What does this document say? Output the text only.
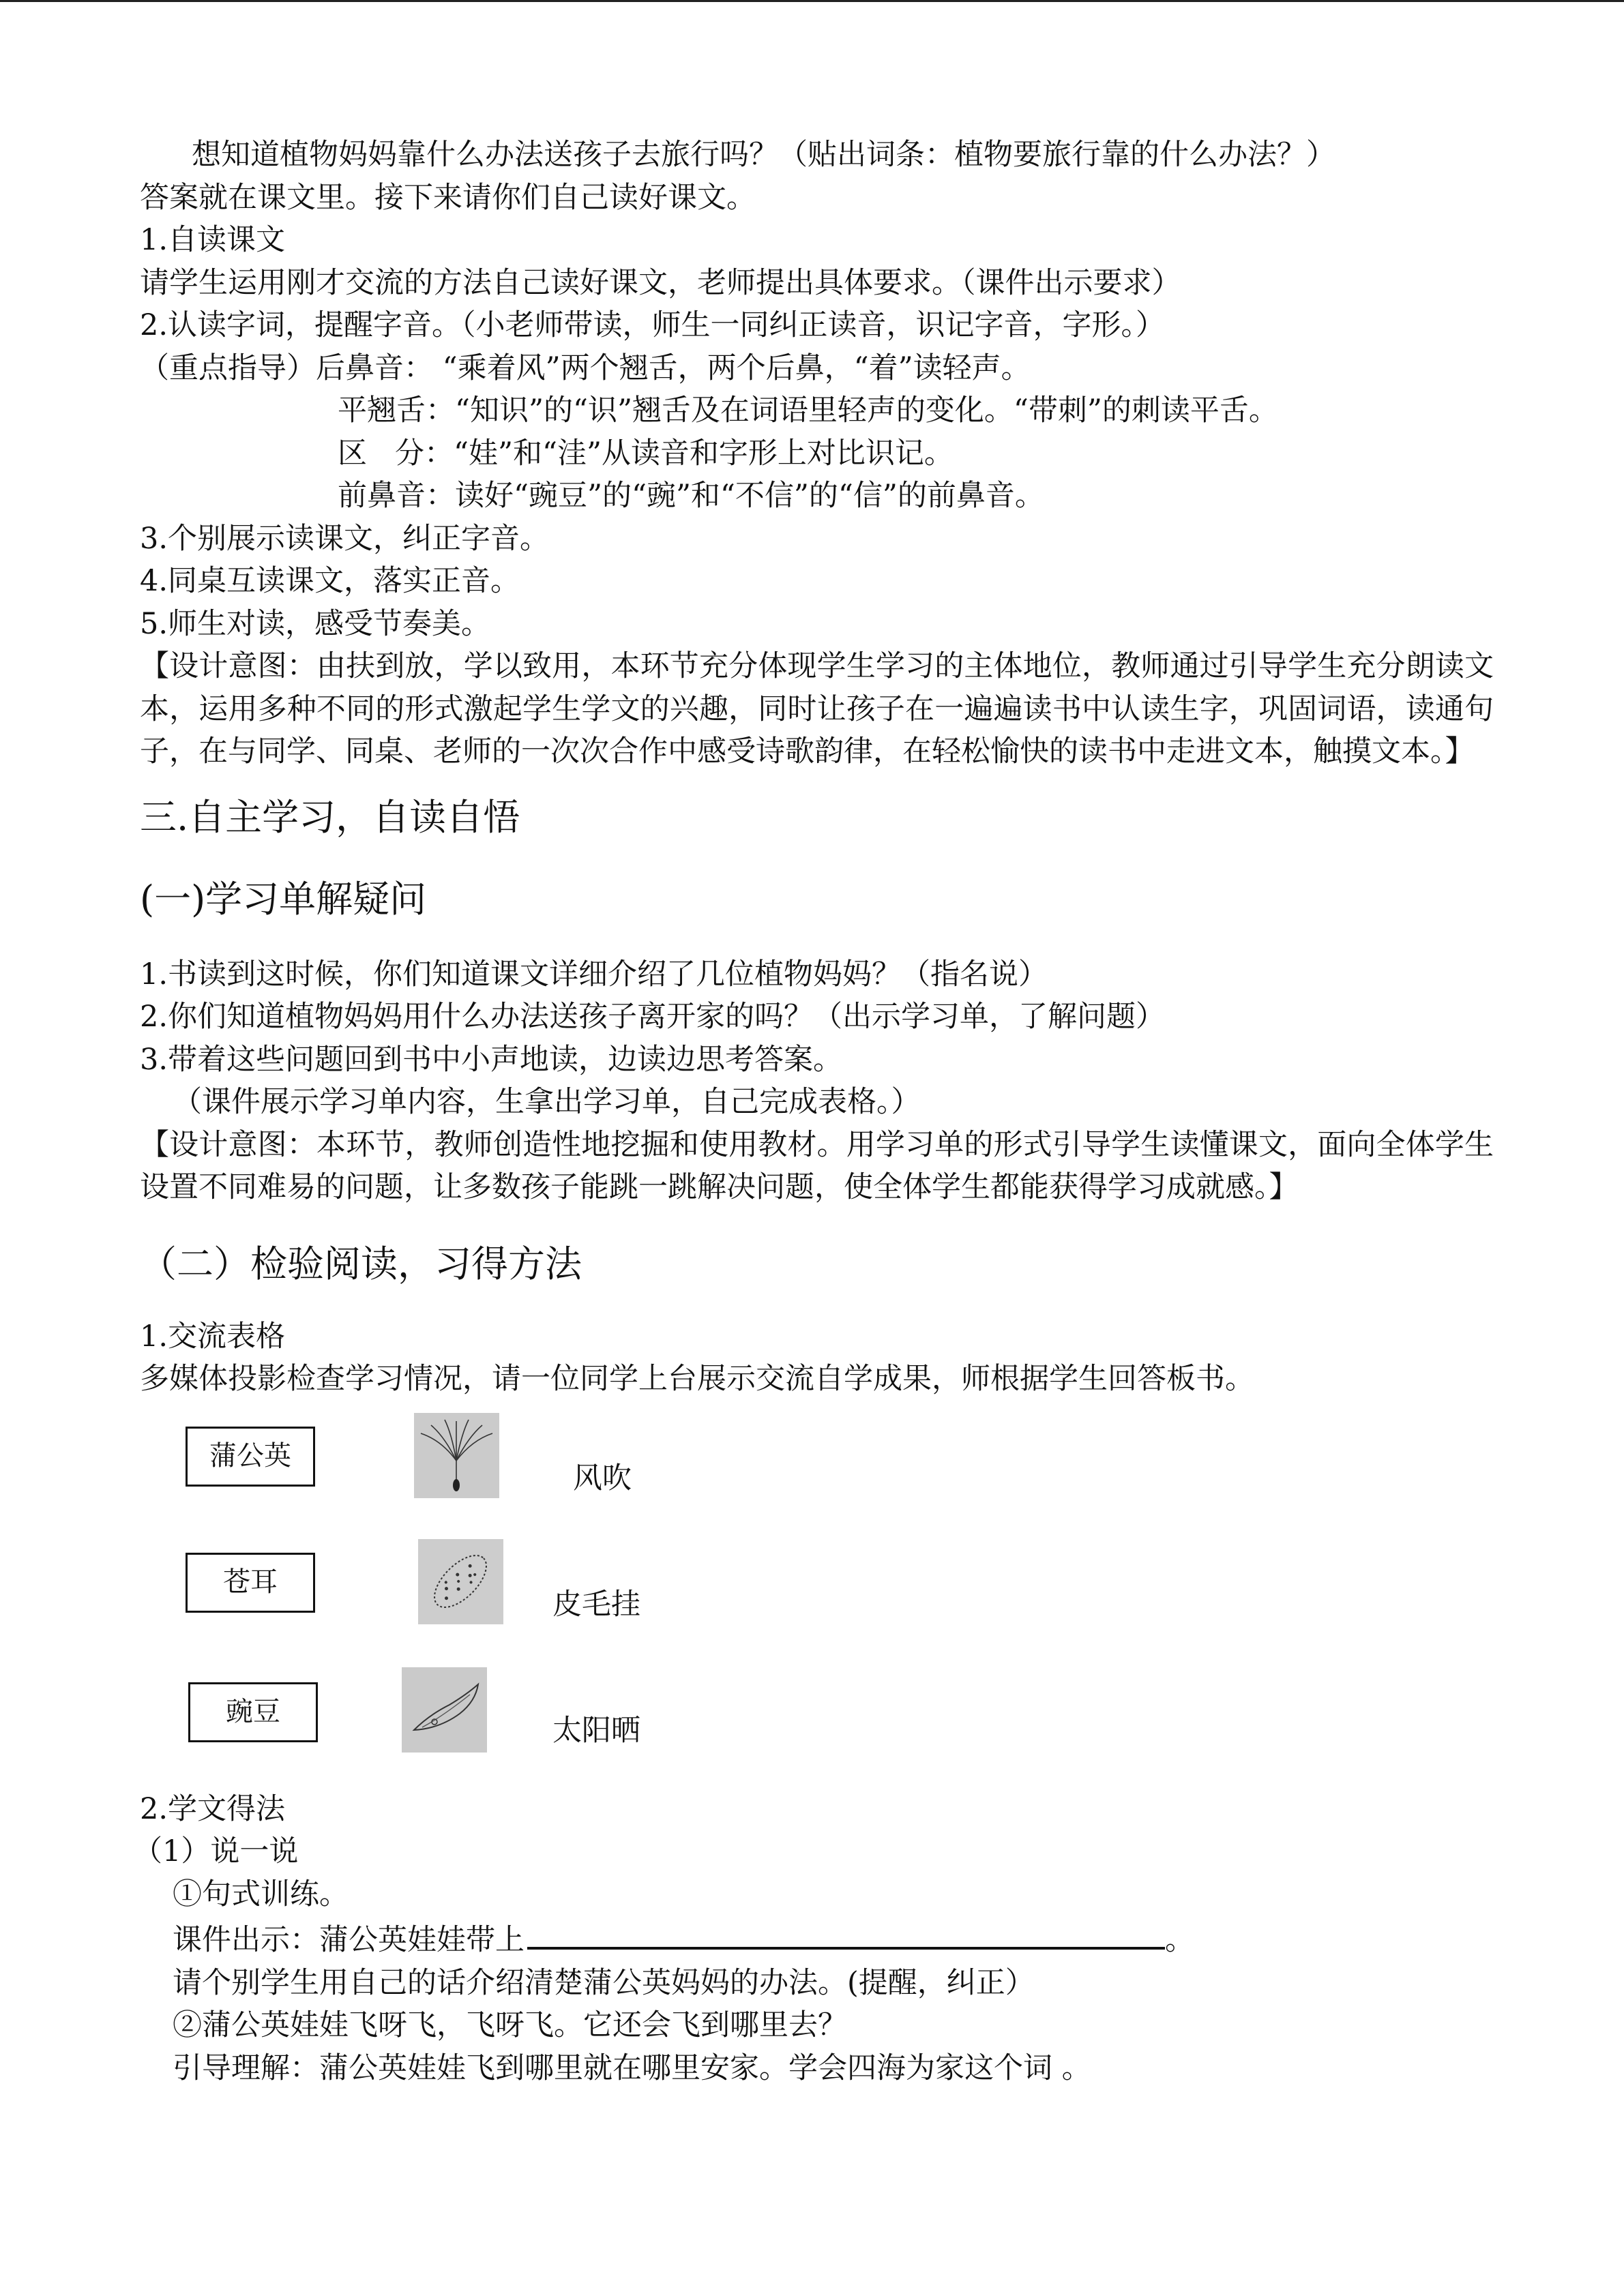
想知道植物妈妈靠什么办法送孩子去旅行吗？（贴出词条：植物要旅行靠的什么办法？）

答案就在课文里。接下来请你们自己读好课文。

1.自读课文

请学生运用刚才交流的方法自己读好课文，老师提出具体要求。（课件出示要求）

2.认读字词，提醒字音。（小老师带读，师生一同纠正读音，识记字音，字形。）

（重点指导）后鼻音： “乘着风”两个翘舌，两个后鼻，“着”读轻声。

平翘舌：“知识”的“识”翘舌及在词语里轻声的变化。“带刺”的刺读平舌。

区   分：“娃”和“洼”从读音和字形上对比识记。

前鼻音：读好“豌豆”的“豌”和“不信”的“信”的前鼻音。

3.个别展示读课文，纠正字音。

4.同桌互读课文，落实正音。

5.师生对读，感受节奏美。

【设计意图：由扶到放，学以致用，本环节充分体现学生学习的主体地位，教师通过引导学生充分朗读文本，运用多种不同的形式激起学生学文的兴趣，同时让孩子在一遍遍读书中认读生字，巩固词语，读通句子，在与同学、同桌、老师的一次次合作中感受诗歌韵律，在轻松愉快的读书中走进文本，触摸文本。】

三.自主学习，自读自悟
(一)学习单解疑问

1.书读到这时候，你们知道课文详细介绍了几位植物妈妈？（指名说）

2.你们知道植物妈妈用什么办法送孩子离开家的吗？（出示学习单，了解问题）

3.带着这些问题回到书中小声地读，边读边思考答案。

（课件展示学习单内容，生拿出学习单，自己完成表格。）

【设计意图：本环节，教师创造性地挖掘和使用教材。用学习单的形式引导学生读懂课文，面向全体学生设置不同难易的问题，让多数孩子能跳一跳解决问题，使全体学生都能获得学习成就感。】

（二）检验阅读，习得方法

1.交流表格

多媒体投影检查学习情况，请一位同学上台展示交流自学成果，师根据学生回答板书。

蒲公英
风吹
苍耳
皮毛挂
豌豆
太阳晒

2.学文得法

（1）说一说

①句式训练。

课件出示：蒲公英娃娃带上	。

请个别学生用自己的话介绍清楚蒲公英妈妈的办法。(提醒，纠正）

②蒲公英娃娃飞呀飞，飞呀飞。它还会飞到哪里去？

引导理解：蒲公英娃娃飞到哪里就在哪里安家。学会四海为家这个词 。
